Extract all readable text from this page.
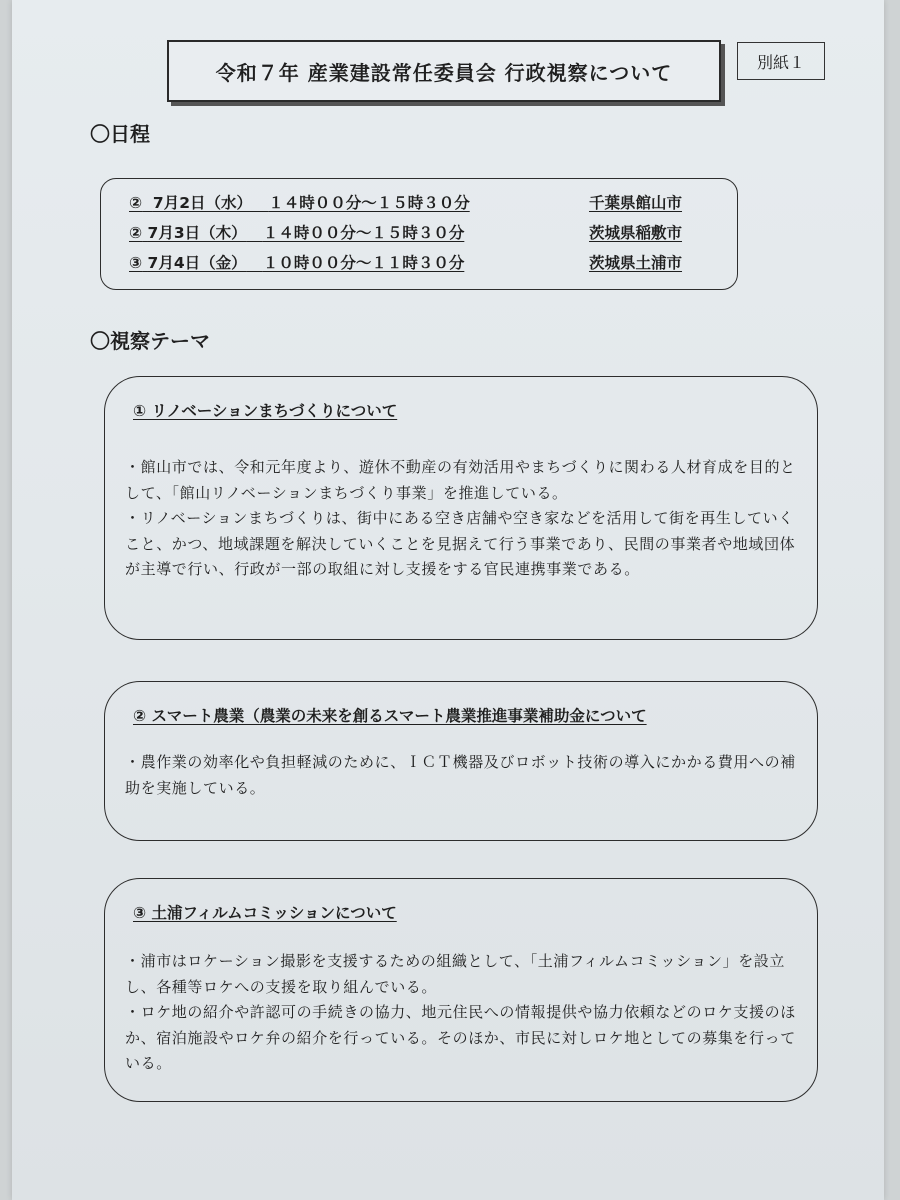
令和７年 産業建設常任委員会 行政視察について	別紙１
〇日程
② 7月2日（水） １４時００分～１５時３０分	千葉県館山市
② 7月3日（木） １４時００分～１５時３０分	茨城県稲敷市
③ 7月4日（金） １０時００分～１１時３０分	茨城県土浦市
〇視察テーマ
① リノベーションまちづくりについて

・館山市では、令和元年度より、遊休不動産の有効活用やまちづくりに関わる人材育成を目的として、「館山リノベーションまちづくり事業」を推進している。

・リノベーションまちづくりは、街中にある空き店舗や空き家などを活用して街を再生していくこと、かつ、地域課題を解決していくことを見据えて行う事業であり、民間の事業者や地域団体が主導で行い、行政が一部の取組に対し支援をする官民連携事業である。

② スマート農業（農業の未来を創るスマート農業推進事業補助金について

・農作業の効率化や負担軽減のために、ＩＣＴ機器及びロボット技術の導入にかかる費用への補助を実施している。

③ 土浦フィルムコミッションについて

・浦市はロケーション撮影を支援するための組織として、「土浦フィルムコミッション」を設立し、各種等ロケへの支援を取り組んでいる。

・ロケ地の紹介や許認可の手続きの協力、地元住民への情報提供や協力依頼などのロケ支援のほか、宿泊施設やロケ弁の紹介を行っている。そのほか、市民に対しロケ地としての募集を行っている。
